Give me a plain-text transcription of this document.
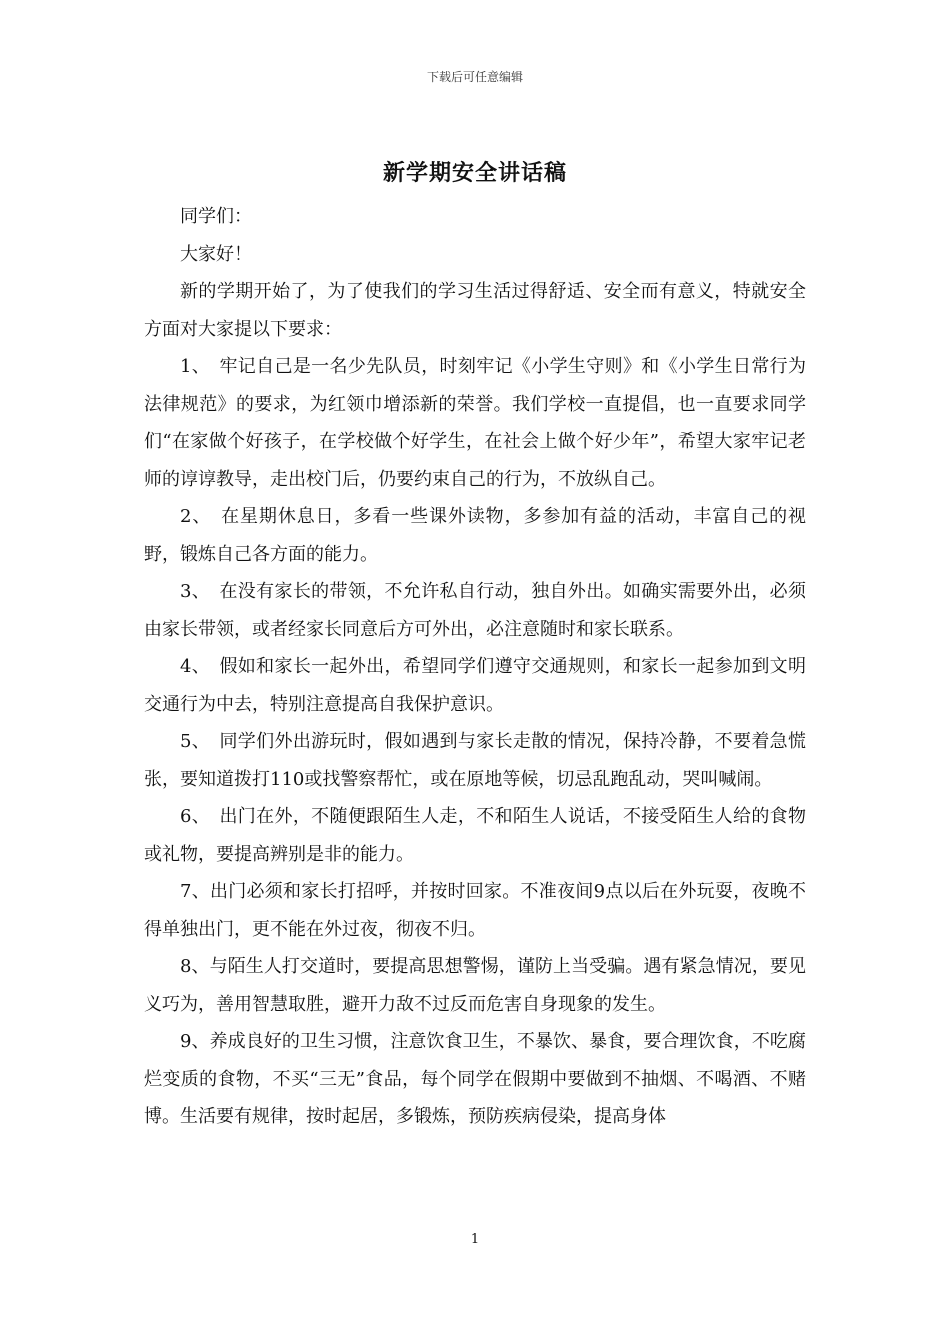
下载后可任意编辑
新学期安全讲话稿

同学们：

大家好！

新的学期开始了，为了使我们的学习生活过得舒适、安全而有意义，特就安全方面对大家提以下要求：

1、　牢记自己是一名少先队员，时刻牢记《小学生守则》和《小学生日常行为法律规范》的要求，为红领巾增添新的荣誉。我们学校一直提倡，也一直要求同学们“在家做个好孩子，在学校做个好学生，在社会上做个好少年”，希望大家牢记老师的谆谆教导，走出校门后，仍要约束自己的行为，不放纵自己。

2、　在星期休息日，多看一些课外读物，多参加有益的活动，丰富自己的视野，锻炼自己各方面的能力。

3、　在没有家长的带领，不允许私自行动，独自外出。如确实需要外出，必须由家长带领，或者经家长同意后方可外出，必注意随时和家长联系。

4、　假如和家长一起外出，希望同学们遵守交通规则，和家长一起参加到文明交通行为中去，特别注意提高自我保护意识。

5、　同学们外出游玩时，假如遇到与家长走散的情况，保持冷静，不要着急慌张，要知道拨打110或找警察帮忙，或在原地等候，切忌乱跑乱动，哭叫喊闹。

6、　出门在外，不随便跟陌生人走，不和陌生人说话，不接受陌生人给的食物或礼物，要提高辨别是非的能力。

7、出门必须和家长打招呼，并按时回家。不准夜间9点以后在外玩耍，夜晚不得单独出门，更不能在外过夜，彻夜不归。

8、与陌生人打交道时，要提高思想警惕，谨防上当受骗。遇有紧急情况，要见义巧为，善用智慧取胜，避开力敌不过反而危害自身现象的发生。

9、养成良好的卫生习惯，注意饮食卫生，不暴饮、暴食，要合理饮食，不吃腐烂变质的食物，不买“三无”食品，每个同学在假期中要做到不抽烟、不喝酒、不赌博。生活要有规律，按时起居，多锻炼，预防疾病侵染，提高身体

1
